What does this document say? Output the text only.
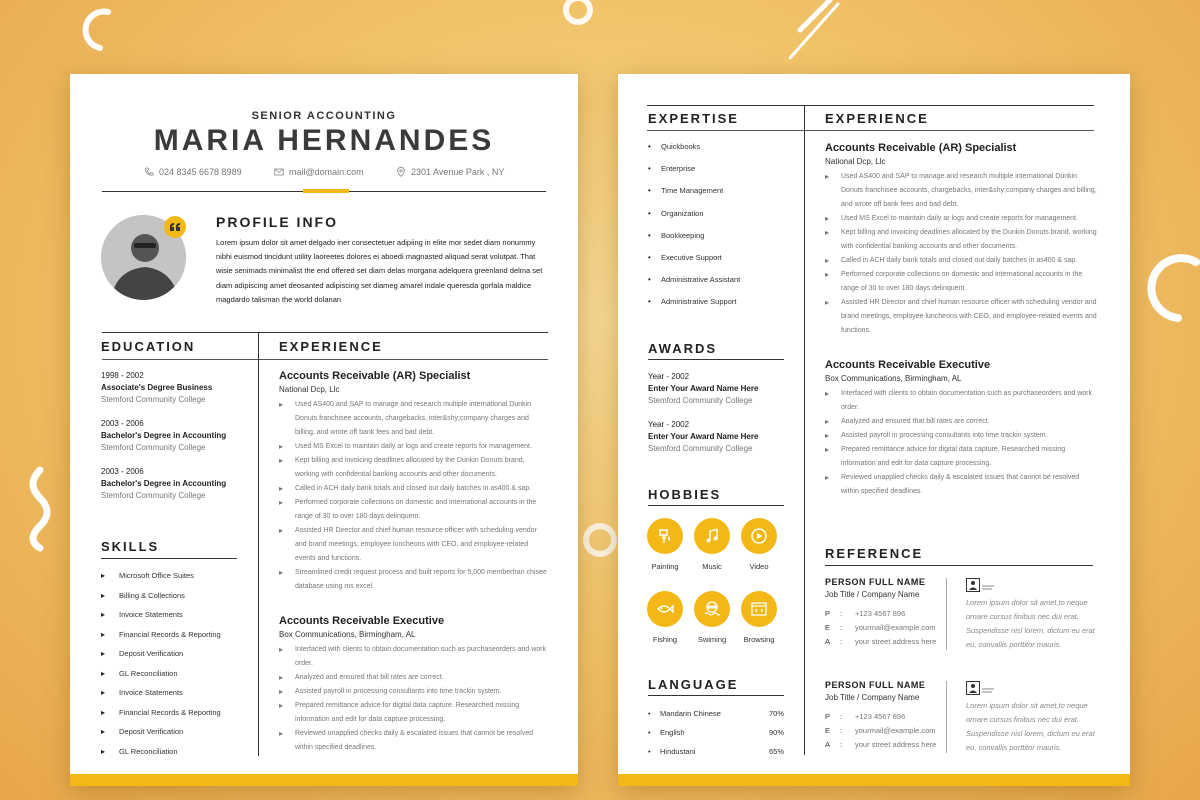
SENIOR ACCOUNTING
MARIA HERNANDES
024 8345 6678 8989	mail@domain.com	2301 Avenue Park , NY
PROFILE INFO
Lorem ipsum dolor sit amet delgado iner consectetuer adipiing in elite mor sedet diam nonummy nibhi euismod tincidunt utility laoreetes dolores ei aboedi magnasted aliquad serat volutpat. That wisie senimads minimalist the end offered set diam delas morgana adelquera greenland delma set diam adipiscing amet deosanted adipiscing set diameg amarel indale queresda gorfala maldice magdardo talisman the world dolanan
EDUCATION	EXPERIENCE
1998 - 2002
Associate's Degree Business
Stemford Community College
2003 - 2006
Bachelor's Degree in Accounting
Stemford Community College
2003 - 2006
Bachelor's Degree in Accounting
Stemford Community College
SKILLS
▸ Microsoft Office Suites
▸ Billing & Collections
▸ Invoice Statements
▸ Financial Records & Reporting
▸ Deposit Verification
▸ GL Reconciliation
▸ Invoice Statements
▸ Financial Records & Reporting
▸ Deposit Verification
▸ GL Reconciliation
Accounts Receivable (AR) Specialist
National Dcp, Llc
▸ Used AS400 and SAP to manage and research multiple international Dunkin Donuts franchisee accounts, chargebacks, inter&shy;company charges and billing, and wrote off bank fees and bad debt.
▸ Used MS Excel to maintain daily ar logs and create reports for management.
▸ Kept billing and invoicing deadlines allocated by the Dunkin Donuts brand, working with confidential banking accounts and other documents.
▸ Called in ACH daily bank totals and closed out daily batches in as400 & sap.
▸ Performed corporate collections on domestic and international accounts in the range of 30 to over 180 days delinquent.
▸ Assisted HR Director and chief human resource officer with scheduling vendor and brand meetings, employee luncheons with CEO, and employee-related events and functions.
▸ Streamlined credit request process and built reports for 5,000 memberfran chisee database using ms excel.
Accounts Receivable Executive
Box Communications, Birmingham, AL
▸ Interfaced with clients to obtain documentation such as purchaseorders and work order.
▸ Analyzed and ensured that bill rates are correct.
▸ Assisted payroll in processing consultants into time trackin system.
▸ Prepared remittance advice for digital data capture. Researched missing information and edit for data capture processing.
▸ Reviewed unapplied checks daily & escalated issues that cannot be resolved within specified deadlines.
EXPERTISE	EXPERIENCE
• Quickbooks
• Enterprise
• Time Management
• Organization
• Bookkeeping
• Executive Support
• Administrative Assistant
• Administrative Support
AWARDS
Year - 2002
Enter Your Award Name Here
Stemford Community College
Year - 2002
Enter Your Award Name Here
Stemford Community College
HOBBIES
Painting	Music	Video
Fishing	Swiming	Browsing
LANGUAGE
• Mandarin Chinese	70%
• English	90%
• Hindustani	65%
Accounts Receivable (AR) Specialist
National Dcp, Llc
▸ Used AS400 and SAP to manage and research multiple international Dunkin Donuts franchisee accounts, chargebacks, inter&shy;company charges and billing, and wrote off bank fees and bad debt.
▸ Used MS Excel to maintain daily ar logs and create reports for management.
▸ Kept billing and invoicing deadlines allocated by the Dunkin Donuts brand, working with confidential banking accounts and other documents.
▸ Called in ACH daily bank totals and closed out daily batches in as400 & sap.
▸ Performed corporate collections on domestic and international accounts in the range of 30 to over 180 days delinquent.
▸ Assisted HR Director and chief human resource officer with scheduling vendor and brand meetings, employee luncheons with CEO, and employee-related events and functions.
Accounts Receivable Executive
Box Communications, Birmingham, AL
▸ Interfaced with clients to obtain documentation such as purchaseorders and work order.
▸ Analyzed and ensured that bill rates are correct.
▸ Assisted payroll in processing consultants into time trackin system.
▸ Prepared remittance advice for digital data capture. Researched missing information and edit for data capture processing.
▸ Reviewed unapplied checks daily & escalated issues that cannot be resolved within specified deadlines.
REFERENCE
PERSON FULL NAME
Job Title / Company Name
P : +123 4567 896
E : yourmail@example.com
A : your street address here
Lorem ipsum dolor sit amet,to neque ornare cursus finibus nec dui erat. Suspendisse nisl lorem, dictum eu erat eu, convallis porttitor mauris.
PERSON FULL NAME
Job Title / Company Name
P : +123 4567 896
E : yourmail@example.com
A : your street address here
Lorem ipsum dolor sit amet,to neque ornare cursus finibus nec dui erat. Suspendisse nisl lorem, dictum eu erat eu, convallis porttitor mauris.
